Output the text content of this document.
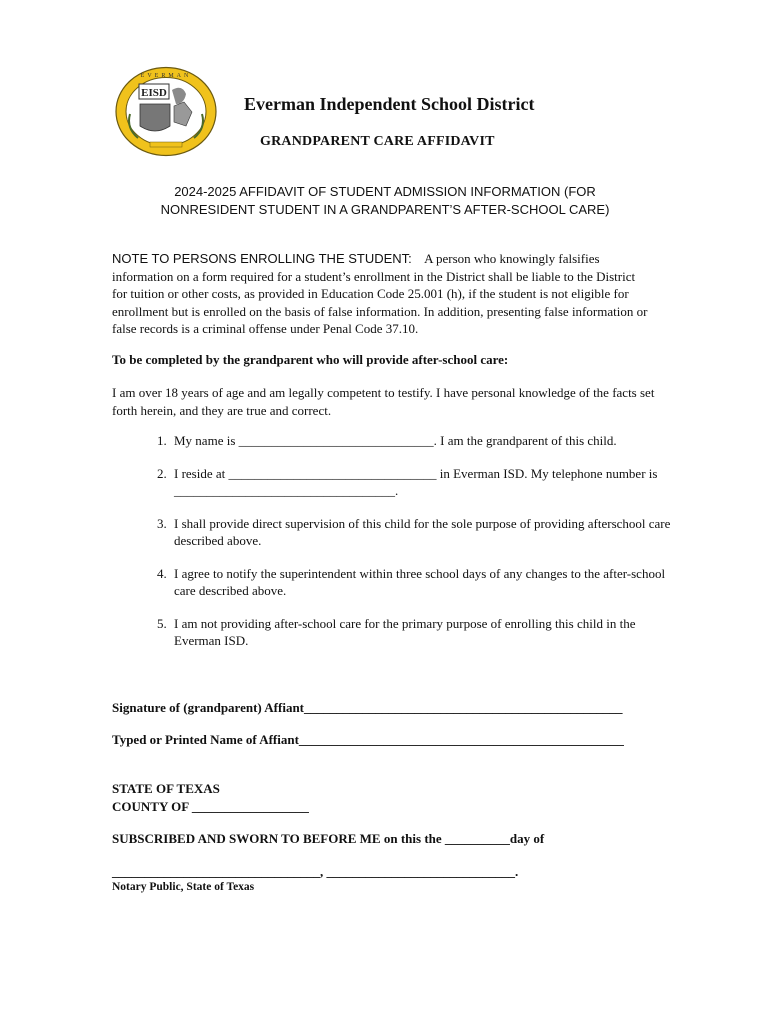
EVERMAN
EISD
Everman Independent School District
GRANDPARENT CARE AFFIDAVIT
2024-2025 AFFIDAVIT OF STUDENT ADMISSION INFORMATION (FOR
NONRESIDENT STUDENT IN A GRANDPARENT’S AFTER-SCHOOL CARE)
NOTE TO PERSONS ENROLLING THE STUDENT: A person who knowingly falsifies information on a form required for a student’s enrollment in the District shall be liable to the District for tuition or other costs, as provided in Education Code 25.001 (h), if the student is not eligible for enrollment but is enrolled on the basis of false information. In addition, presenting false information or false records is a criminal offense under Penal Code 37.10.
To be completed by the grandparent who will provide after-school care:
I am over 18 years of age and am legally competent to testify. I have personal knowledge of the facts set forth herein, and they are true and correct.
1. My name is ______________________________. I am the grandparent of this child.
2. I reside at ________________________________ in Everman ISD. My telephone number is __________________________________.
3. I shall provide direct supervision of this child for the sole purpose of providing afterschool care described above.
4. I agree to notify the superintendent within three school days of any changes to the after-school care described above.
5. I am not providing after-school care for the primary purpose of enrolling this child in the Everman ISD.
Signature of (grandparent) Affiant_________________________________________________
Typed or Printed Name of Affiant__________________________________________________
STATE OF TEXAS
COUNTY OF __________________
SUBSCRIBED AND SWORN TO BEFORE ME on this the __________day of
________________________________, _____________________________.
Notary Public, State of Texas
